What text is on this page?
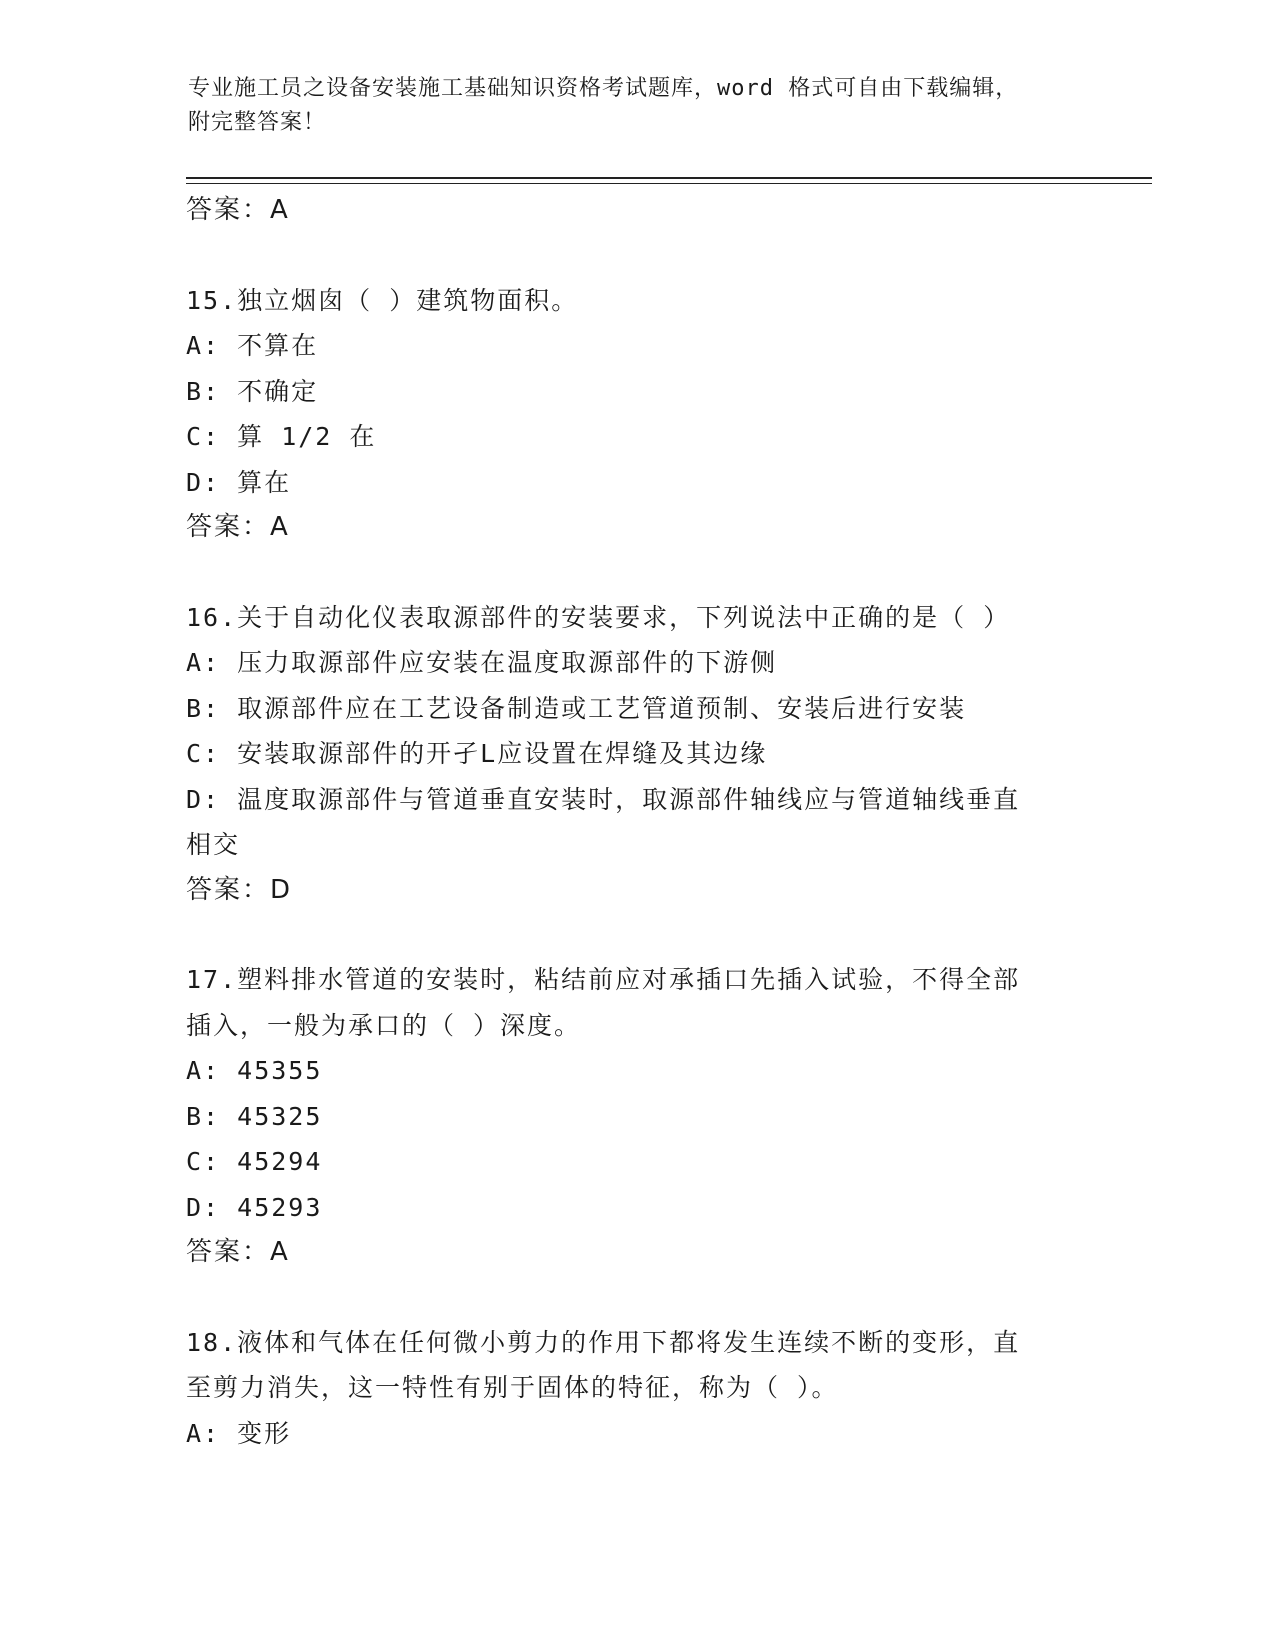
专业施工员之设备安装施工基础知识资格考试题库，word 格式可自由下载编辑，
附完整答案！
答案：A
15.独立烟囱（ ）建筑物面积。
A: 不算在
B: 不确定
C: 算 1/2 在
D: 算在
答案：A
16.关于自动化仪表取源部件的安装要求，下列说法中正确的是（ ）
A: 压力取源部件应安装在温度取源部件的下游侧
B: 取源部件应在工艺设备制造或工艺管道预制、安装后进行安装
C: 安装取源部件的开孑L应设置在焊缝及其边缘
D: 温度取源部件与管道垂直安装时，取源部件轴线应与管道轴线垂直
相交
答案：D
17.塑料排水管道的安装时，粘结前应对承插口先插入试验，不得全部
插入，一般为承口的（ ）深度。
A: 45355
B: 45325
C: 45294
D: 45293
答案：A
18.液体和气体在任何微小剪力的作用下都将发生连续不断的变形，直
至剪力消失，这一特性有别于固体的特征，称为（ ）。
A: 变形
